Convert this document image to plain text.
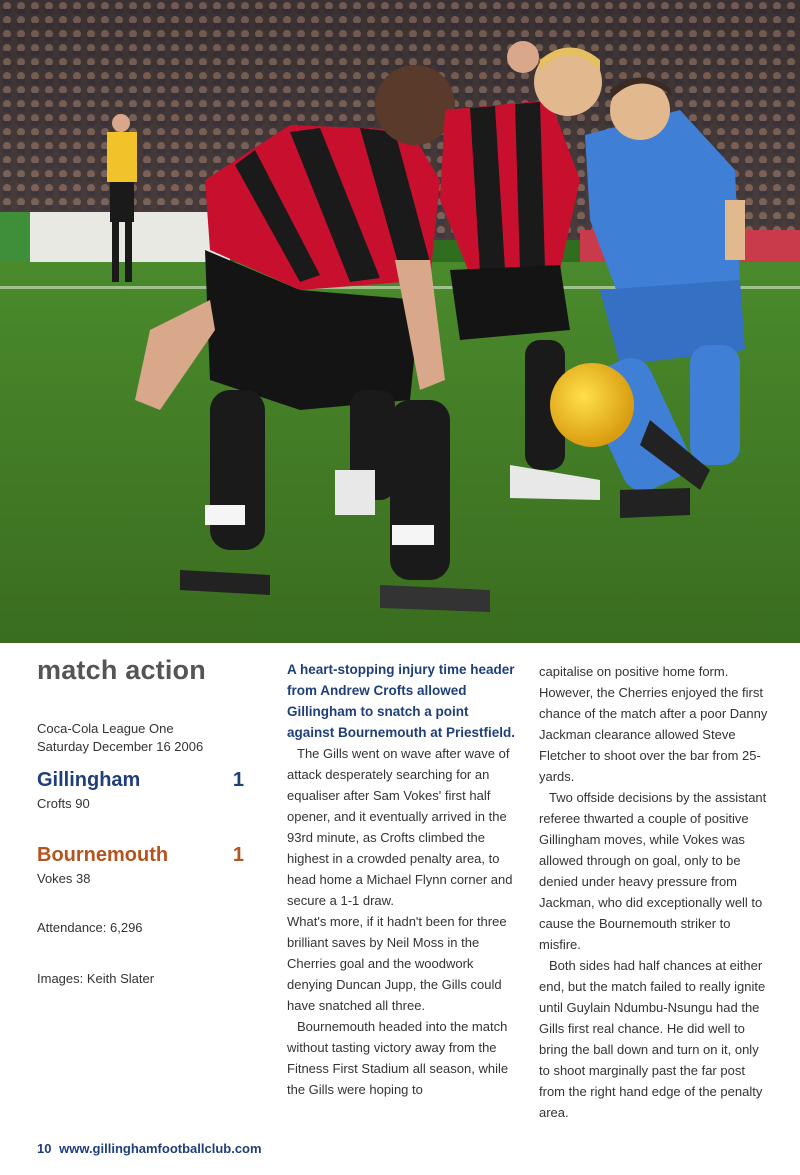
match action
Coca-Cola League One
Saturday December 16 2006
Gillingham	1
Crofts 90
Bournemouth	1
Vokes 38
Attendance: 6,296
Images: Keith Slater

A heart-stopping injury time header from Andrew Crofts allowed Gillingham to snatch a point against Bournemouth at Priestfield.

The Gills went on wave after wave of attack desperately searching for an equaliser after Sam Vokes' first half opener, and it eventually arrived in the 93rd minute, as Crofts climbed the highest in a crowded penalty area, to head home a Michael Flynn corner and secure a 1-1 draw.

What's more, if it hadn't been for three brilliant saves by Neil Moss in the Cherries goal and the woodwork denying Duncan Jupp, the Gills could have snatched all three.

Bournemouth headed into the match without tasting victory away from the Fitness First Stadium all season, while the Gills were hoping to

capitalise on positive home form. However, the Cherries enjoyed the first chance of the match after a poor Danny Jackman clearance allowed Steve Fletcher to shoot over the bar from 25-yards.

Two offside decisions by the assistant referee thwarted a couple of positive Gillingham moves, while Vokes was allowed through on goal, only to be denied under heavy pressure from Jackman, who did exceptionally well to cause the Bournemouth striker to misfire.

Both sides had half chances at either end, but the match failed to really ignite until Guylain Ndumbu-Nsungu had the Gills first real chance. He did well to bring the ball down and turn on it, only to shoot marginally past the far post from the right hand edge of the penalty area.

10 www.gillinghamfootballclub.com
